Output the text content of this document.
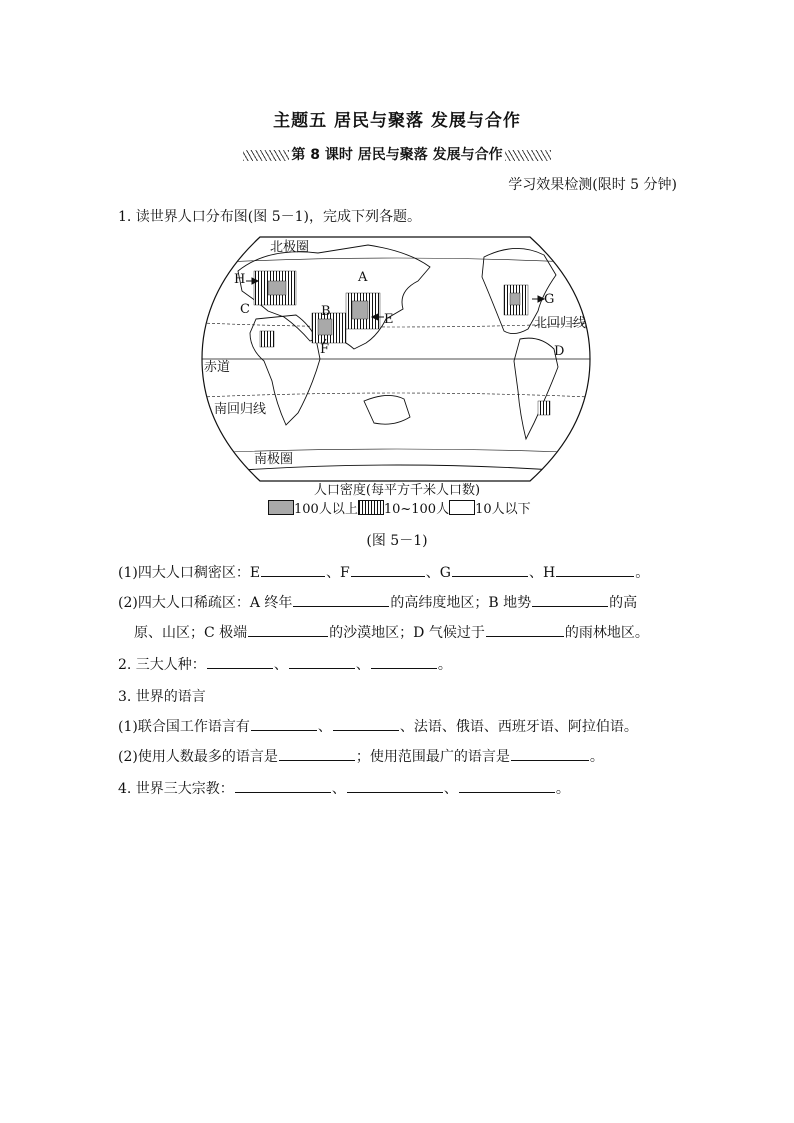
主题五 居民与聚落 发展与合作
第 8 课时 居民与聚落 发展与合作
学习效果检测(限时 5 分钟)
1. 读世界人口分布图(图 5－1)，完成下列各题。
北极圈
A
B
C
D
E
F
G
H
北回归线
赤道
南回归线
南极圈
人口密度(每平方千米人口数)
100人以上 10~100人 10人以下
(图 5－1)
(1)四大人口稠密区：E	、F	、G	、H	。
(2)四大人口稀疏区：A 终年	的高纬度地区；B 地势	的高
原、山区；C 极端	的沙漠地区；D 气候过于	的雨林地区。
2. 三大人种：	、	、	。
3. 世界的语言
(1)联合国工作语言有	、	、法语、俄语、西班牙语、阿拉伯语。
(2)使用人数最多的语言是	；使用范围最广的语言是	。
4. 世界三大宗教：	、	、	。
